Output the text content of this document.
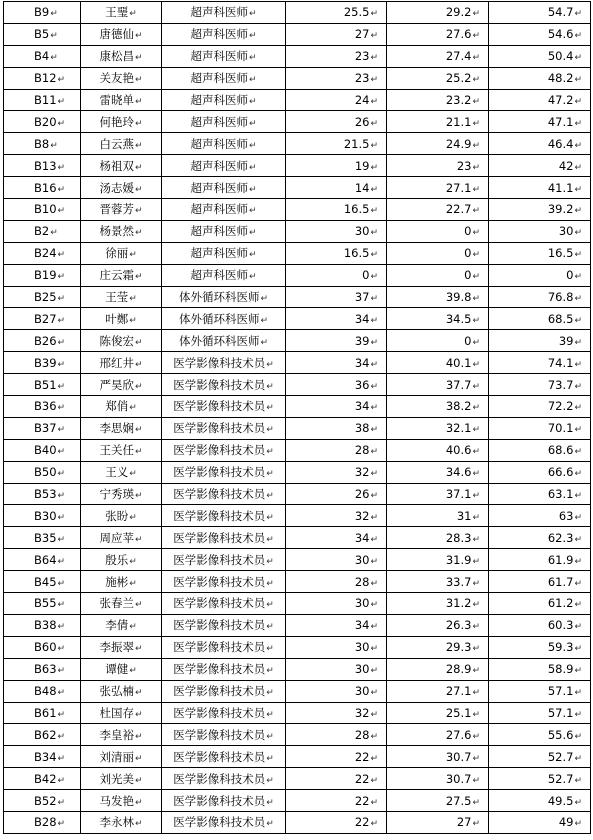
B9↵	王琧↵	超声科医师↵	25.5↵	29.2↵	54.7↵
B5↵	唐德仙↵	超声科医师↵	27↵	27.6↵	54.6↵
B4↵	康松昌↵	超声科医师↵	23↵	27.4↵	50.4↵
B12↵	关友艳↵	超声科医师↵	23↵	25.2↵	48.2↵
B11↵	雷晓单↵	超声科医师↵	24↵	23.2↵	47.2↵
B20↵	何艳玲↵	超声科医师↵	26↵	21.1↵	47.1↵
B8↵	白云燕↵	超声科医师↵	21.5↵	24.9↵	46.4↵
B13↵	杨祖双↵	超声科医师↵	19↵	23↵	42↵
B16↵	汤志媛↵	超声科医师↵	14↵	27.1↵	41.1↵
B10↵	晋蓉芳↵	超声科医师↵	16.5↵	22.7↵	39.2↵
B2↵	杨景然↵	超声科医师↵	30↵	0↵	30↵
B24↵	徐丽↵	超声科医师↵	16.5↵	0↵	16.5↵
B19↵	庄云霜↵	超声科医师↵	0↵	0↵	0↵
B25↵	王莹↵	体外循环科医师↵	37↵	39.8↵	76.8↵
B27↵	叶鄭↵	体外循环科医师↵	34↵	34.5↵	68.5↵
B26↵	陈俊宏↵	体外循环科医师↵	39↵	0↵	39↵
B39↵	邢红井↵	医学影像科技术员↵	34↵	40.1↵	74.1↵
B51↵	严昊欣↵	医学影像科技术员↵	36↵	37.7↵	73.7↵
B36↵	郑俏↵	医学影像科技术员↵	34↵	38.2↵	72.2↵
B37↵	李思娴↵	医学影像科技术员↵	38↵	32.1↵	70.1↵
B40↵	王关任↵	医学影像科技术员↵	28↵	40.6↵	68.6↵
B50↵	王义↵	医学影像科技术员↵	32↵	34.6↵	66.6↵
B53↵	宁秀瑛↵	医学影像科技术员↵	26↵	37.1↵	63.1↵
B30↵	张盼↵	医学影像科技术员↵	32↵	31↵	63↵
B35↵	周应苹↵	医学影像科技术员↵	34↵	28.3↵	62.3↵
B64↵	殷乐↵	医学影像科技术员↵	30↵	31.9↵	61.9↵
B45↵	施彬↵	医学影像科技术员↵	28↵	33.7↵	61.7↵
B55↵	张春兰↵	医学影像科技术员↵	30↵	31.2↵	61.2↵
B38↵	李倩↵	医学影像科技术员↵	34↵	26.3↵	60.3↵
B60↵	李振翠↵	医学影像科技术员↵	30↵	29.3↵	59.3↵
B63↵	谭健↵	医学影像科技术员↵	30↵	28.9↵	58.9↵
B48↵	张弘楠↵	医学影像科技术员↵	30↵	27.1↵	57.1↵
B61↵	杜国存↵	医学影像科技术员↵	32↵	25.1↵	57.1↵
B62↵	李皇裕↵	医学影像科技术员↵	28↵	27.6↵	55.6↵
B34↵	刘清丽↵	医学影像科技术员↵	22↵	30.7↵	52.7↵
B42↵	刘光美↵	医学影像科技术员↵	22↵	30.7↵	52.7↵
B52↵	马发艳↵	医学影像科技术员↵	22↵	27.5↵	49.5↵
B28↵	李永林↵	医学影像科技术员↵	22↵	27↵	49↵
